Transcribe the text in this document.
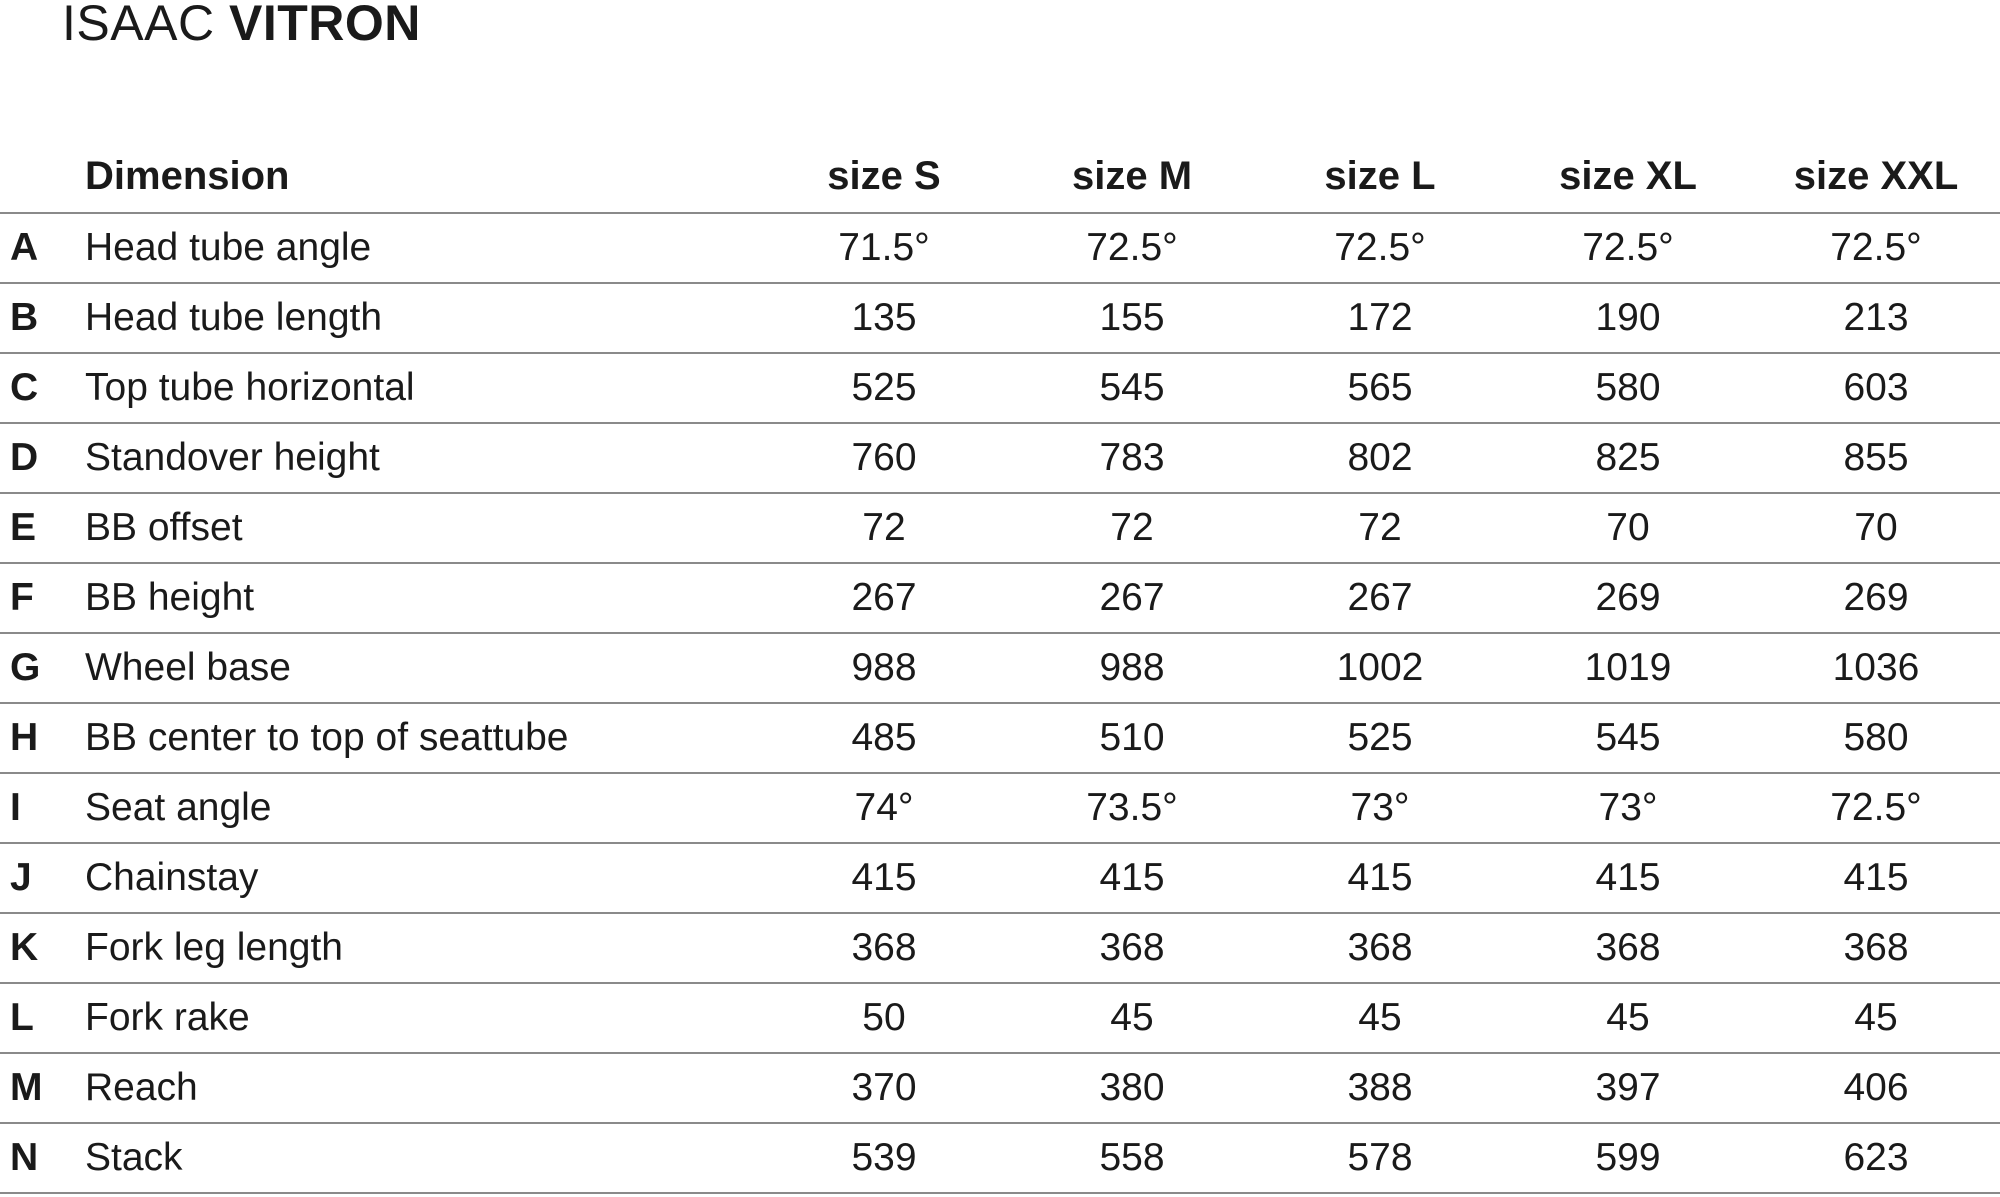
ISAAC VITRON
	Dimension	size S	size M	size L	size XL	size XXL
A	Head tube angle	71.5°	72.5°	72.5°	72.5°	72.5°
B	Head tube length	135	155	172	190	213
C	Top tube horizontal	525	545	565	580	603
D	Standover height	760	783	802	825	855
E	BB offset	72	72	72	70	70
F	BB height	267	267	267	269	269
G	Wheel base	988	988	1002	1019	1036
H	BB center to top of seattube	485	510	525	545	580
I	Seat angle	74°	73.5°	73°	73°	72.5°
J	Chainstay	415	415	415	415	415
K	Fork leg length	368	368	368	368	368
L	Fork rake	50	45	45	45	45
M	Reach	370	380	388	397	406
N	Stack	539	558	578	599	623
